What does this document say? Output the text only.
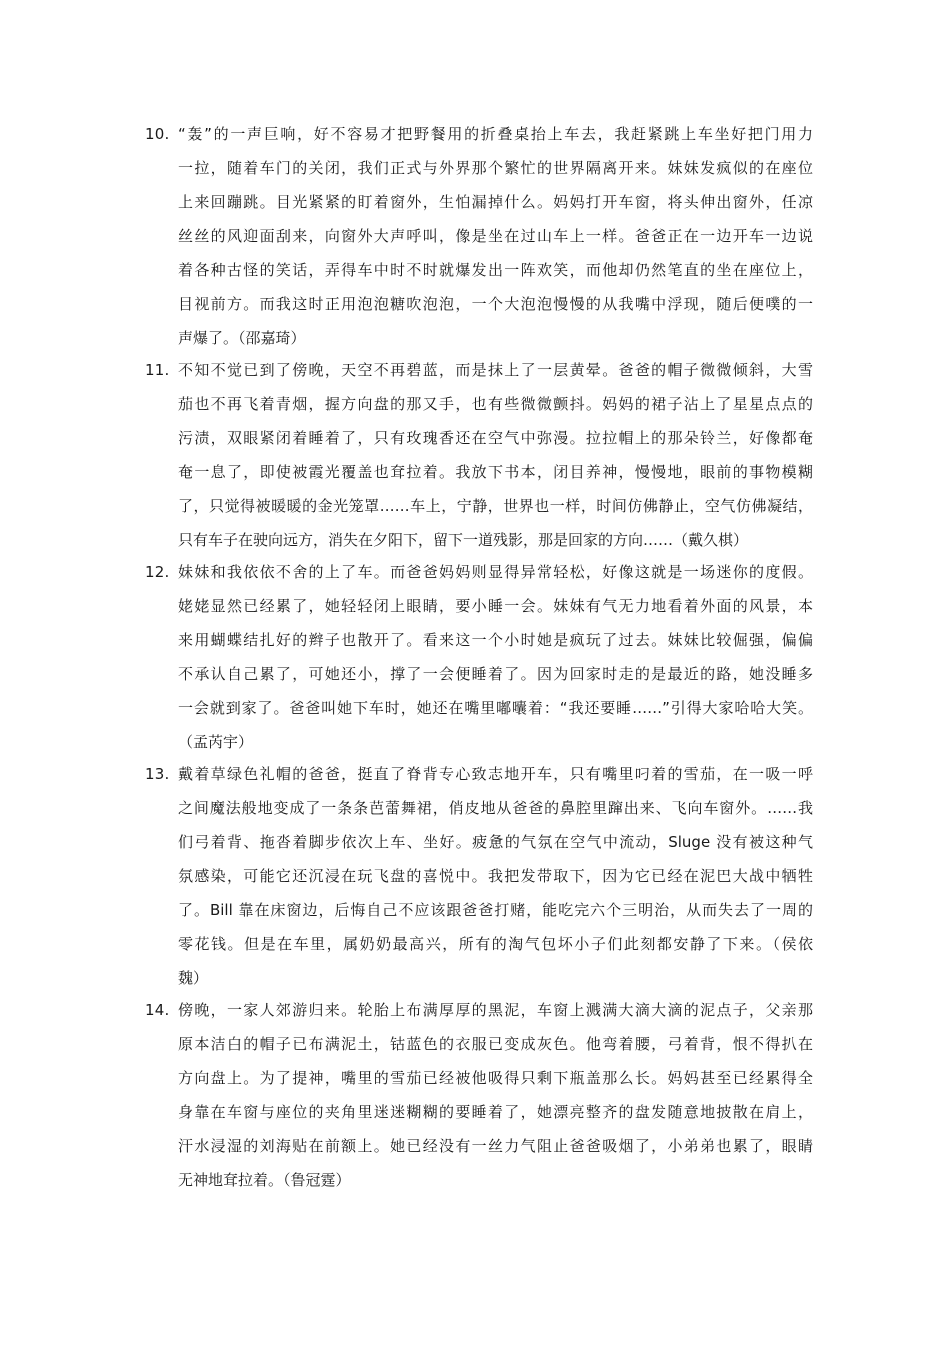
10. “轰”的一声巨响，好不容易才把野餐用的折叠桌抬上车去，我赶紧跳上车坐好把门用力
一拉，随着车门的关闭，我们正式与外界那个繁忙的世界隔离开来。妹妹发疯似的在座位
上来回蹦跳。目光紧紧的盯着窗外，生怕漏掉什么。妈妈打开车窗，将头伸出窗外，任凉
丝丝的风迎面刮来，向窗外大声呼叫，像是坐在过山车上一样。爸爸正在一边开车一边说
着各种古怪的笑话，弄得车中时不时就爆发出一阵欢笑，而他却仍然笔直的坐在座位上，
目视前方。而我这时正用泡泡糖吹泡泡，一个大泡泡慢慢的从我嘴中浮现，随后便噗的一
声爆了。（邵嘉琦）
11. 不知不觉已到了傍晚，天空不再碧蓝，而是抹上了一层黄晕。爸爸的帽子微微倾斜，大雪
茄也不再飞着青烟，握方向盘的那又手，也有些微微颤抖。妈妈的裙子沾上了星星点点的
污渍，双眼紧闭着睡着了，只有玫瑰香还在空气中弥漫。拉拉帽上的那朵铃兰，好像都奄
奄一息了，即使被霞光覆盖也耷拉着。我放下书本，闭目养神，慢慢地，眼前的事物模糊
了，只觉得被暖暖的金光笼罩……车上，宁静，世界也一样，时间仿佛静止，空气仿佛凝结，
只有车子在驶向远方，消失在夕阳下，留下一道残影，那是回家的方向……（戴久棋）
12. 妹妹和我依依不舍的上了车。而爸爸妈妈则显得异常轻松，好像这就是一场迷你的度假。
姥姥显然已经累了，她轻轻闭上眼睛，要小睡一会。妹妹有气无力地看着外面的风景，本
来用蝴蝶结扎好的辫子也散开了。看来这一个小时她是疯玩了过去。妹妹比较倔强，偏偏
不承认自己累了，可她还小，撑了一会便睡着了。因为回家时走的是最近的路，她没睡多
一会就到家了。爸爸叫她下车时，她还在嘴里嘟囔着：“我还要睡……”引得大家哈哈大笑。
（孟芮宇）
13. 戴着草绿色礼帽的爸爸，挺直了脊背专心致志地开车，只有嘴里叼着的雪茄，在一吸一呼
之间魔法般地变成了一条条芭蕾舞裙，俏皮地从爸爸的鼻腔里蹿出来、飞向车窗外。……我
们弓着背、拖沓着脚步依次上车、坐好。疲惫的气氛在空气中流动，Sluge 没有被这种气
氛感染，可能它还沉浸在玩飞盘的喜悦中。我把发带取下，因为它已经在泥巴大战中牺牲
了。Bill 靠在床窗边，后悔自己不应该跟爸爸打赌，能吃完六个三明治，从而失去了一周的
零花钱。但是在车里，属奶奶最高兴，所有的淘气包坏小子们此刻都安静了下来。（侯依
魏）
14. 傍晚，一家人郊游归来。轮胎上布满厚厚的黑泥，车窗上溅满大滴大滴的泥点子，父亲那
原本洁白的帽子已布满泥土，钴蓝色的衣服已变成灰色。他弯着腰，弓着背，恨不得扒在
方向盘上。为了提神，嘴里的雪茄已经被他吸得只剩下瓶盖那么长。妈妈甚至已经累得全
身靠在车窗与座位的夹角里迷迷糊糊的要睡着了，她漂亮整齐的盘发随意地披散在肩上，
汗水浸湿的刘海贴在前额上。她已经没有一丝力气阻止爸爸吸烟了，小弟弟也累了，眼睛
无神地耷拉着。（鲁冠霆）
